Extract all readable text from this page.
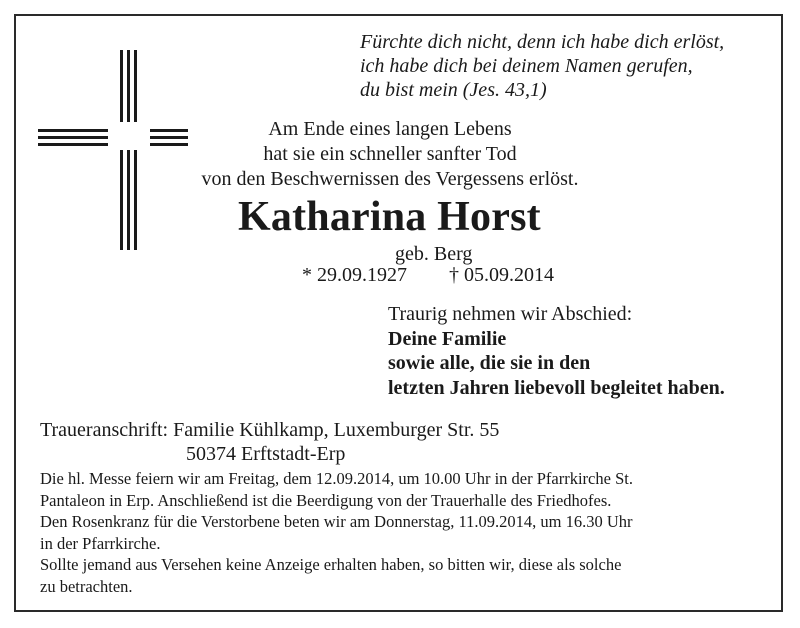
Fürchte dich nicht, denn ich habe dich erlöst,
ich habe dich bei deinem Namen gerufen,
du bist mein (Jes. 43,1)
Am Ende eines langen Lebens
hat sie ein schneller sanfter Tod
von den Beschwernissen des Vergessens erlöst.
Katharina Horst
geb. Berg
* 29.09.1927 † 05.09.2014
Traurig nehmen wir Abschied:
Deine Familie
sowie alle, die sie in den
letzten Jahren liebevoll begleitet haben.
Traueranschrift: Familie Kühlkamp, Luxemburger Str. 55
50374 Erftstadt-Erp
Die hl. Messe feiern wir am Freitag, dem 12.09.2014, um 10.00 Uhr in der Pfarrkirche St.
Pantaleon in Erp. Anschließend ist die Beerdigung von der Trauerhalle des Friedhofes.
Den Rosenkranz für die Verstorbene beten wir am Donnerstag, 11.09.2014, um 16.30 Uhr
in der Pfarrkirche.
Sollte jemand aus Versehen keine Anzeige erhalten haben, so bitten wir, diese als solche
zu betrachten.
